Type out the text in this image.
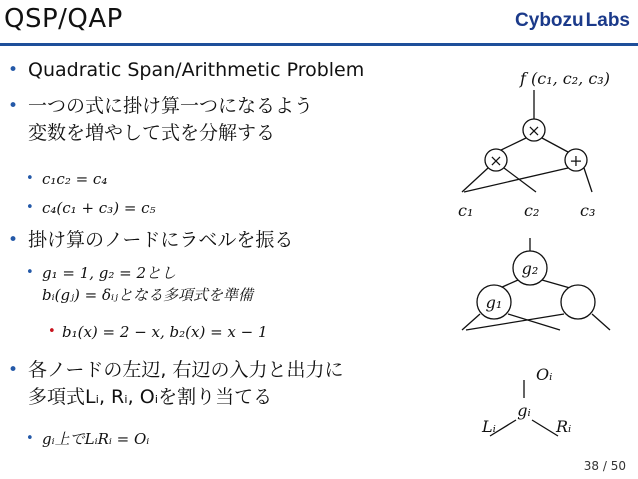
QSP/QAP	Cybozu Labs
• Quadratic Span/Arithmetic Problem
• 一つの式に掛け算一つになるよう
変数を増やして式を分解する
• c₁c₂ = c₄
• c₄(c₁ + c₃) = c₅
• 掛け算のノードにラベルを振る
• g₁ = 1, g₂ = 2とし
bᵢ(gⱼ) = δᵢⱼとなる多項式を準備
• b₁(x) = 2 − x, b₂(x) = x − 1
• 各ノードの左辺, 右辺の入力と出力に
多項式Lᵢ, Rᵢ, Oᵢを割り当てる
• gᵢ上でLᵢRᵢ = Oᵢ
f (c₁, c₂, c₃)
×
×	+
c₁	c₂	c₃
g₂
g₁
Oᵢ
gᵢ
Lᵢ	Rᵢ
38 / 50
